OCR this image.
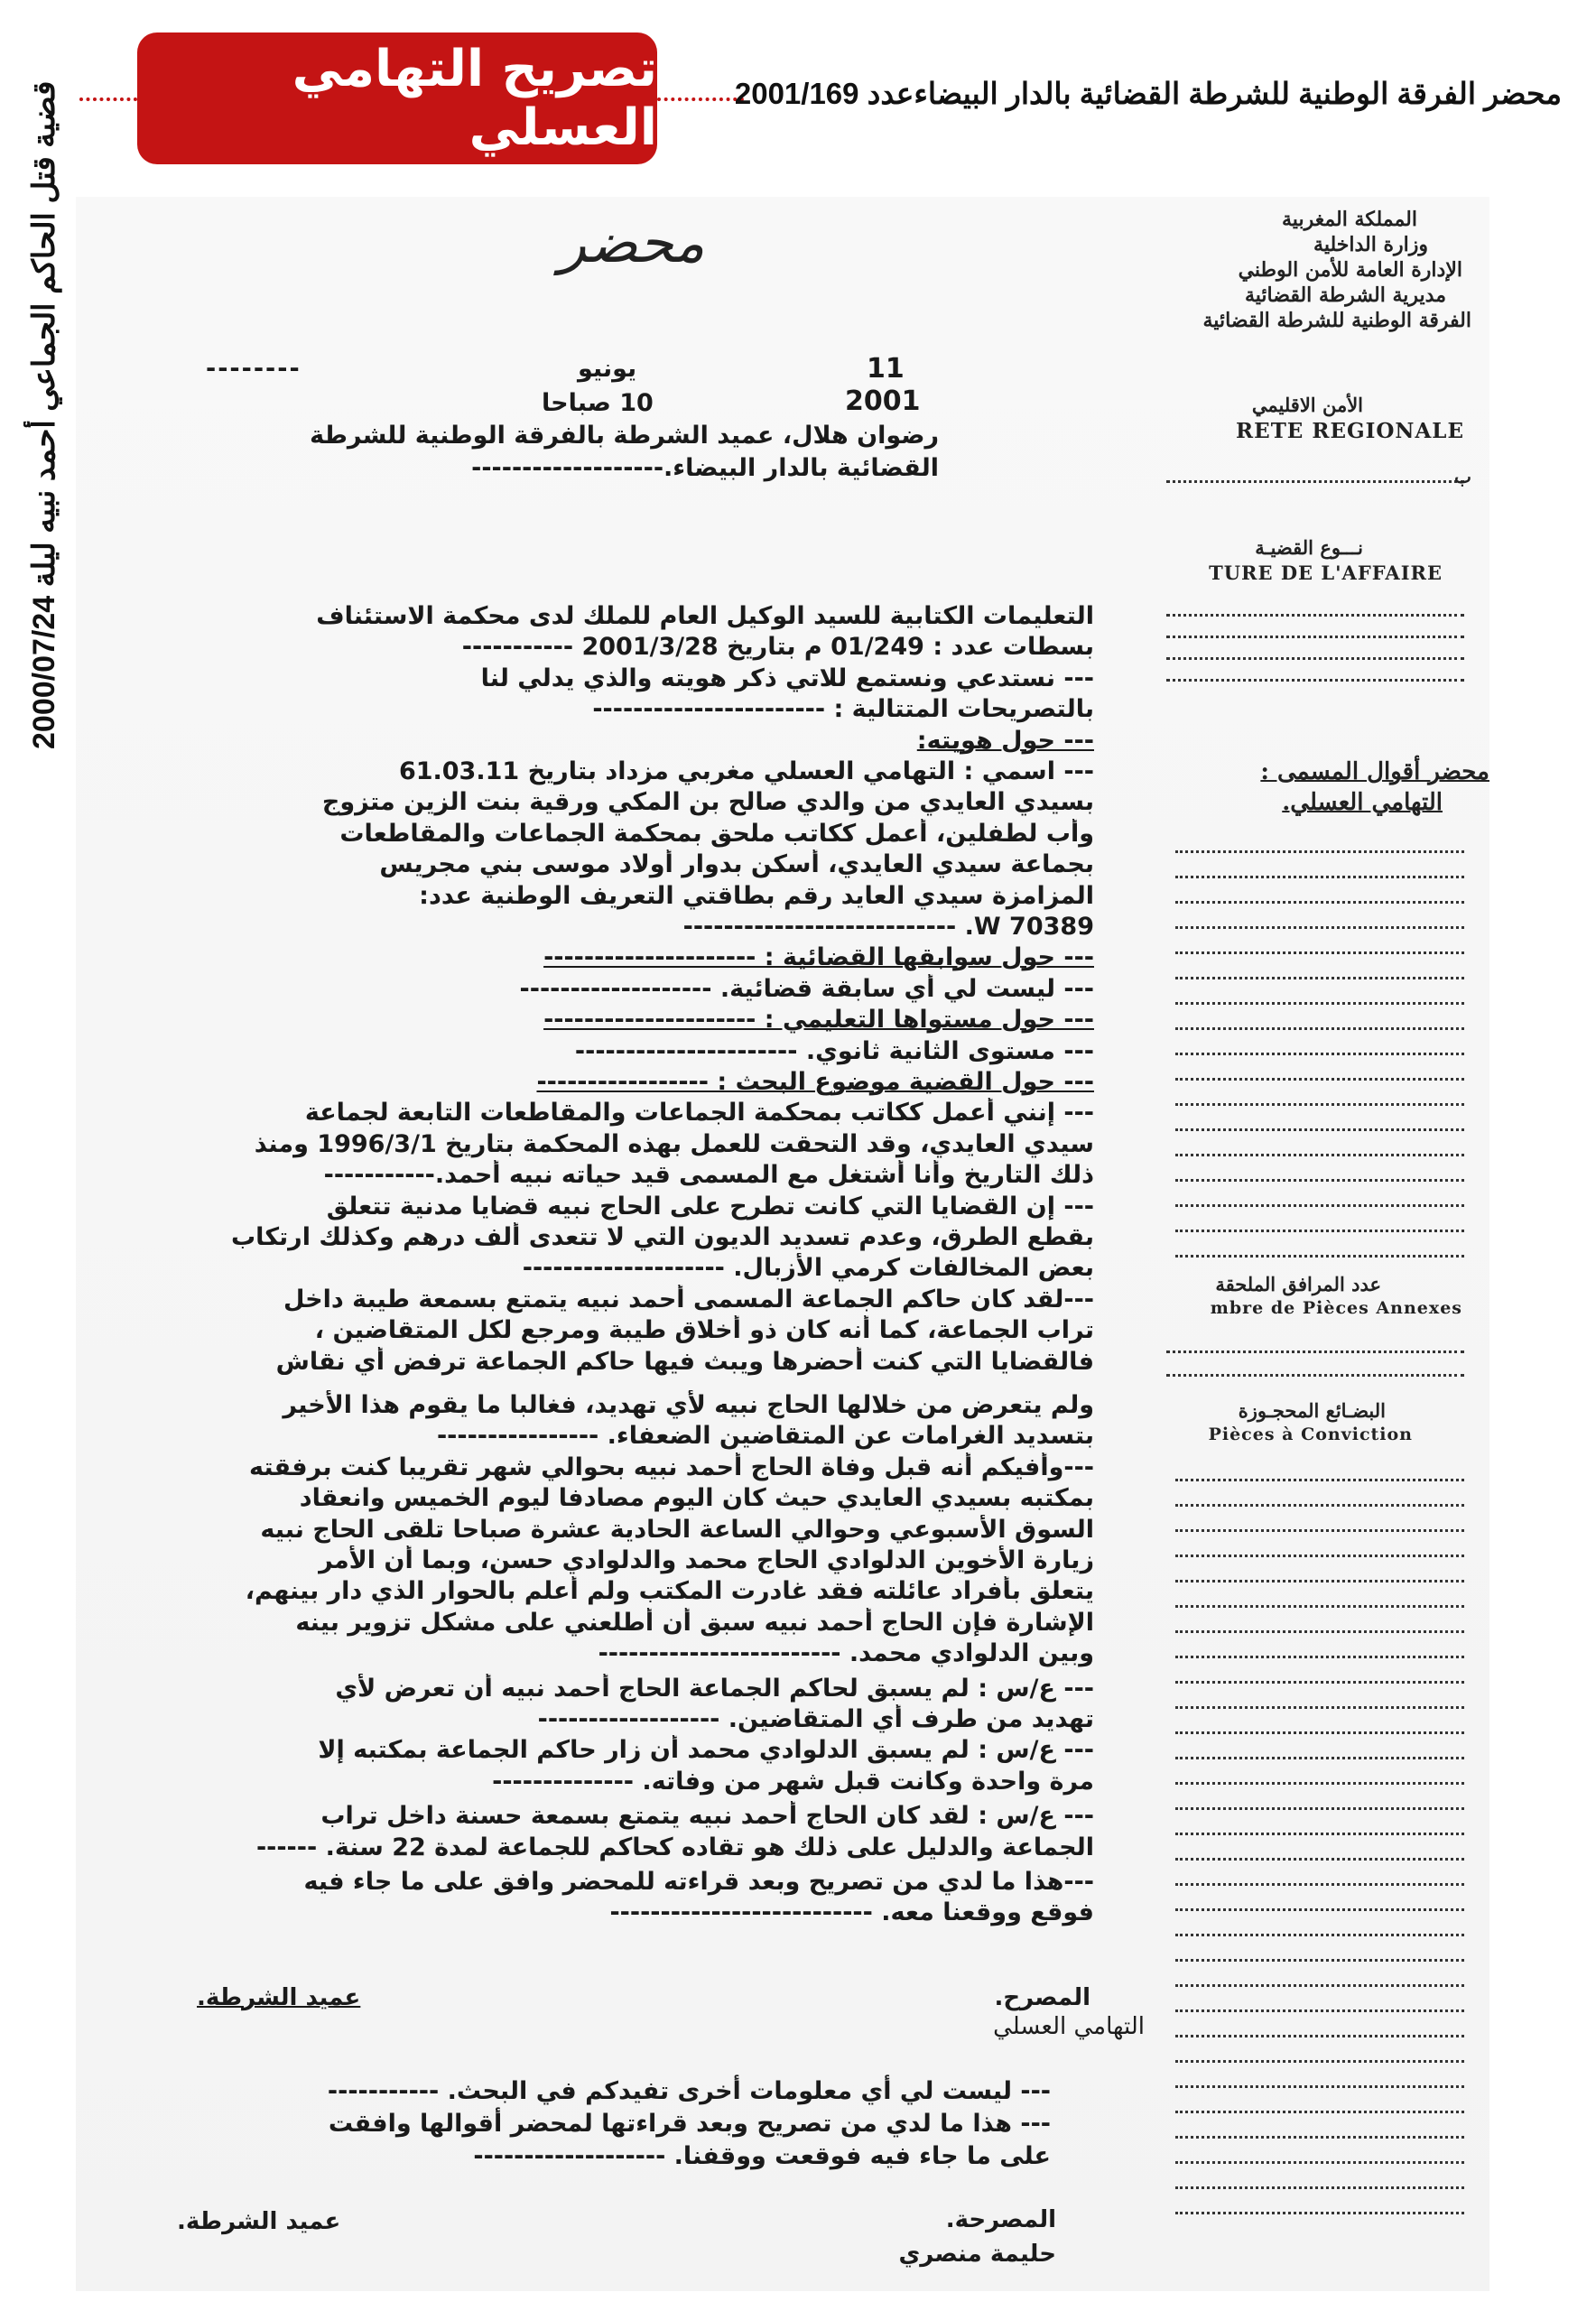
تصريح التهامي العسلي
محضر الفرقة الوطنية للشرطة القضائية بالدار البيضاءعدد 2001/169
قضية قتل الحاكم الجماعي أحمد نبيه ليلة 2000/07/24	محضر	المملكة المغربية
وزارة الداخلية
الإدارة العامة للأمن الوطني
مديرية الشرطة القضائية
الفرقة الوطنية للشرطة القضائية
الأمن الاقليمي
RETE REGIONALE
ب
نـــوع القضيـة
TURE DE L'AFFAIRE
محضر أقوال المسمى :
التهامي العسلي.
عدد المرافق الملحقة
mbre de Pièces Annexes
البضـائع المحجـوزة
Pièces à Conviction
11
يونيو
--------
2001
10 صباحا
رضوان هلال، عميد الشرطة بالفرقة الوطنية للشرطة
القضائية بالدار البيضاء.-------------------
التعليمات الكتابية للسيد الوكيل العام للملك لدى محكمة الاستئناف
بسطات عدد : 01/249 م بتاريخ 2001/3/28 -----------
--- نستدعي ونستمع للاتي ذكر هويته والذي يدلي لنا
بالتصريحات المتتالية : -----------------------
--- حول هويته:
--- اسمي : التهامي العسلي مغربي مزداد بتاريخ 61.03.11
بسيدي العايدي من والدي صالح بن المكي ورقية بنت الزين متزوج
وأب لطفلين، أعمل ككاتب ملحق بمحكمة الجماعات والمقاطعات
بجماعة سيدي العايدي، أسكن بدوار أولاد موسى بني مجريس
المزامزة سيدي العايد رقم بطاقتي التعريف الوطنية عدد:
W 70389. ---------------------------
--- حول سوابقها القضائية : ---------------------
--- ليست لي أي سابقة قضائية. -------------------
--- حول مستواها التعليمي : ---------------------
--- مستوى الثانية ثانوي. ----------------------
--- حول القضية موضوع البحث : -----------------
--- إنني أعمل ككاتب بمحكمة الجماعات والمقاطعات التابعة لجماعة
سيدي العايدي، وقد التحقت للعمل بهذه المحكمة بتاريخ 1996/3/1 ومنذ
ذلك التاريخ وأنا أشتغل مع المسمى قيد حياته نبيه أحمد.-----------
--- إن القضايا التي كانت تطرح على الحاج نبيه قضايا مدنية تتعلق
بقطع الطرق، وعدم تسديد الديون التي لا تتعدى ألف درهم وكذلك ارتكاب
بعض المخالفات كرمي الأزبال. --------------------
---لقد كان حاكم الجماعة المسمى أحمد نبيه يتمتع بسمعة طيبة داخل
تراب الجماعة، كما أنه كان ذو أخلاق طيبة ومرجع لكل المتقاضين ،
فالقضايا التي كنت أحضرها ويبث فيها حاكم الجماعة ترفض أي نقاش
ولم يتعرض من خلالها الحاج نبيه لأي تهديد، فغالبا ما يقوم هذا الأخير
بتسديد الغرامات عن المتقاضين الضعفاء. ----------------
---وأفيكم أنه قبل وفاة الحاج أحمد نبيه بحوالي شهر تقريبا كنت برفقته
بمكتبه بسيدي العايدي حيث كان اليوم مصادفا ليوم الخميس وانعقاد
السوق الأسبوعي وحوالي الساعة الحادية عشرة صباحا تلقى الحاج نبيه
زيارة الأخوين الدلوادي الحاج محمد والدلوادي حسن، وبما أن الأمر
يتعلق بأفراد عائلته فقد غادرت المكتب ولم أعلم بالحوار الذي دار بينهم،
الإشارة فإن الحاج أحمد نبيه سبق أن أطلعني على مشكل تزوير بينه
وبين الدلوادي محمد. ------------------------
--- ع/س : لم يسبق لحاكم الجماعة الحاج أحمد نبيه أن تعرض لأي
تهديد من طرف أي المتقاضين. ------------------
--- ع/س : لم يسبق الدلوادي محمد أن زار حاكم الجماعة بمكتبه إلا
مرة واحدة وكانت قبل شهر من وفاته. --------------
--- ع/س : لقد كان الحاج أحمد نبيه يتمتع بسمعة حسنة داخل تراب
الجماعة والدليل على ذلك هو تقاده كحاكم للجماعة لمدة 22 سنة. ------
---هذا ما لدي من تصريح وبعد قراءته للمحضر وافق على ما جاء فيه
فوقع ووقعنا معه. --------------------------
المصرح.
التهامي العسلي
عميد الشرطة.
--- ليست لي أي معلومات أخرى تفيدكم في البحث. -----------
--- هذا ما لدي من تصريح وبعد قراءتها لمحضر أقوالها وافقت
على ما جاء فيه فوقعت ووقفنا. -------------------
المصرحة.
حليمة منصري
عميد الشرطة.
